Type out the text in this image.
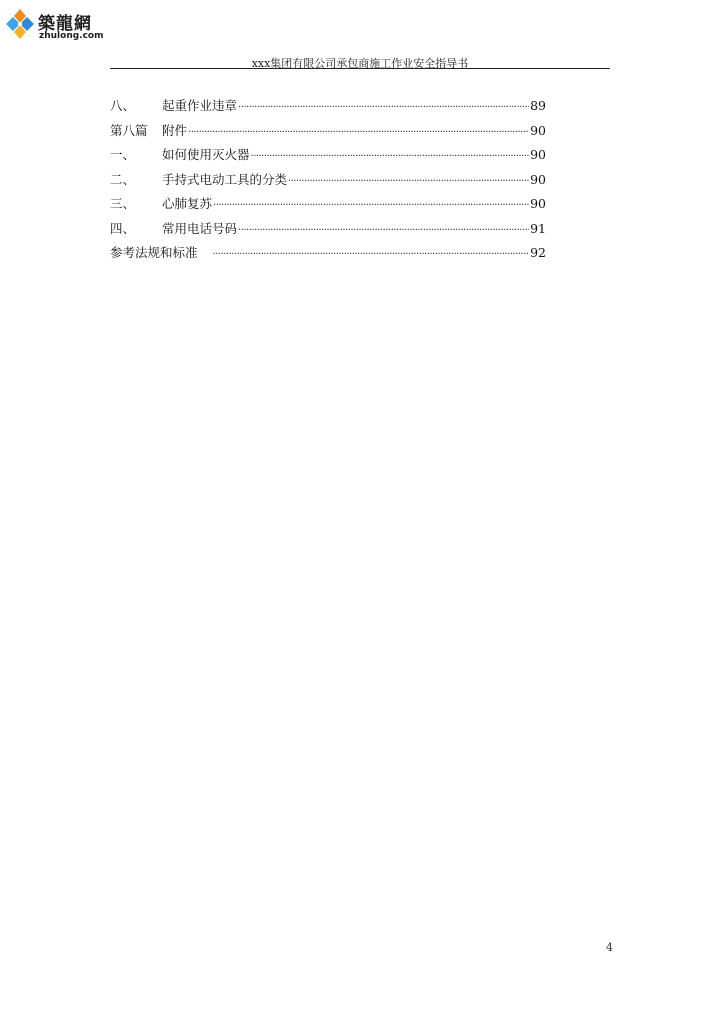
築龍網
zhulong.com
xxx集团有限公司承包商施工作业安全指导书
八、	起重作业违章 ·····	89
第八篇	附件 ·····	90
一、	如何使用灭火器 ·····	90
二、	手持式电动工具的分类 ·····	90
三、	心肺复苏 ·····	90
四、	常用电话号码 ·····	91
参考法规和标准 ·····	92
4
